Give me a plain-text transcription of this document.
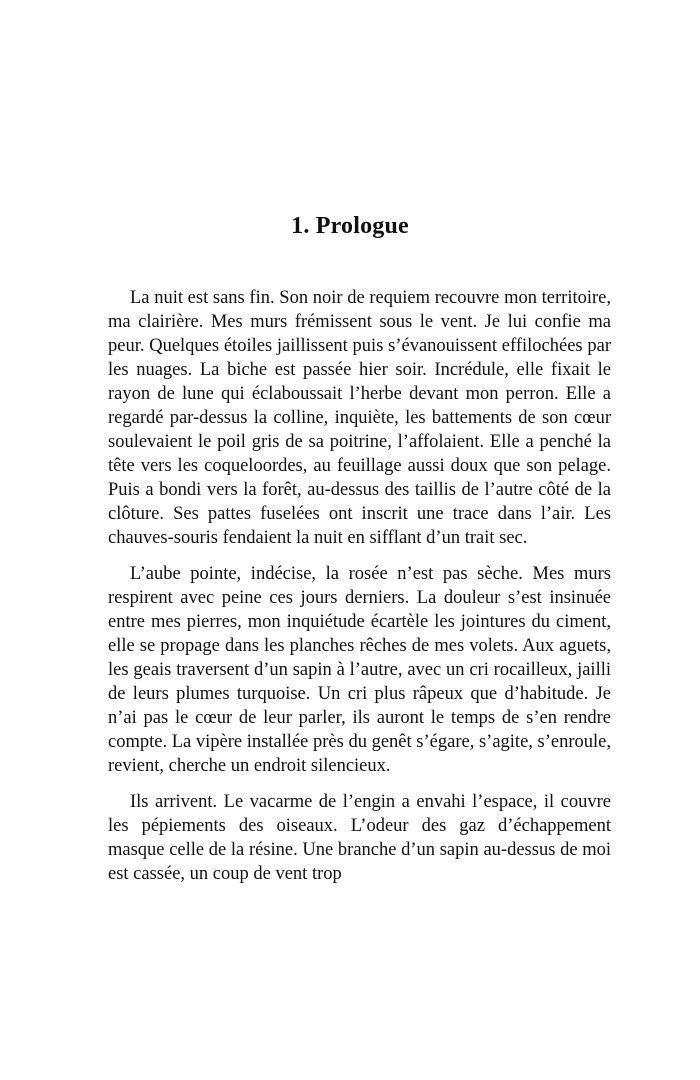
1. Prologue

La nuit est sans fin. Son noir de requiem recouvre mon territoire, ma clairière. Mes murs frémissent sous le vent. Je lui confie ma peur. Quelques étoiles jaillissent puis s’évanouissent effilochées par les nuages. La biche est passée hier soir. Incrédule, elle fixait le rayon de lune qui éclaboussait l’herbe devant mon perron. Elle a regardé par-dessus la colline, inquiète, les battements de son cœur soulevaient le poil gris de sa poitrine, l’affolaient. Elle a penché la tête vers les coqueloordes, au feuillage aussi doux que son pelage. Puis a bondi vers la forêt, au-dessus des taillis de l’autre côté de la clôture. Ses pattes fuselées ont inscrit une trace dans l’air. Les chauves-souris fendaient la nuit en sifflant d’un trait sec.

L’aube pointe, indécise, la rosée n’est pas sèche. Mes murs respirent avec peine ces jours derniers. La douleur s’est insinuée entre mes pierres, mon inquiétude écartèle les jointures du ciment, elle se propage dans les planches rêches de mes volets. Aux aguets, les geais traversent d’un sapin à l’autre, avec un cri rocailleux, jailli de leurs plumes turquoise. Un cri plus râpeux que d’habitude. Je n’ai pas le cœur de leur parler, ils auront le temps de s’en rendre compte. La vipère installée près du genêt s’égare, s’agite, s’enroule, revient, cherche un endroit silencieux.

Ils arrivent. Le vacarme de l’engin a envahi l’espace, il couvre les pépiements des oiseaux. L’odeur des gaz d’échappement masque celle de la résine. Une branche d’un sapin au-dessus de moi est cassée, un coup de vent trop
